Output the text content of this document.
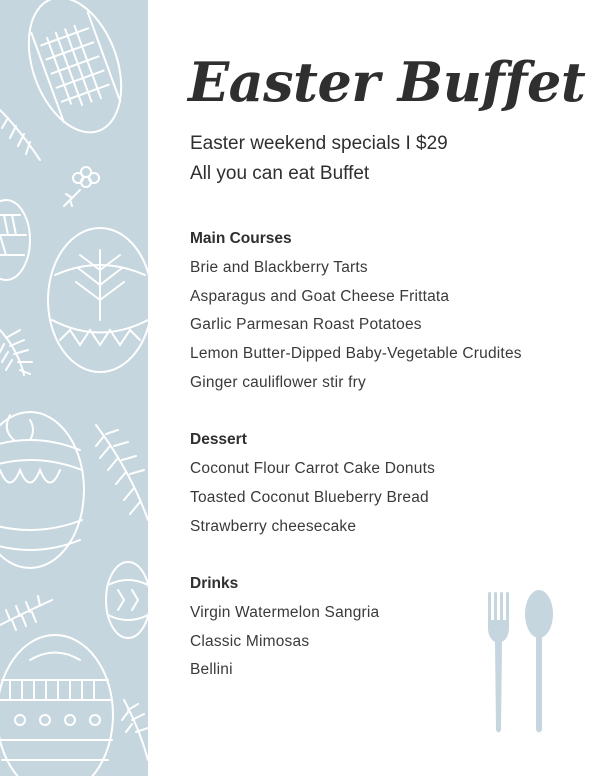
Easter Buffet

Easter weekend specials I $29

All you can eat Buffet

Main Courses

Brie and Blackberry Tarts

Asparagus and Goat Cheese Frittata

Garlic Parmesan Roast Potatoes

Lemon Butter-Dipped Baby-Vegetable Crudites

Ginger cauliflower stir fry

Dessert

Coconut Flour Carrot Cake Donuts

Toasted Coconut Blueberry Bread

Strawberry cheesecake

Drinks

Virgin Watermelon Sangria

Classic Mimosas

Bellini
